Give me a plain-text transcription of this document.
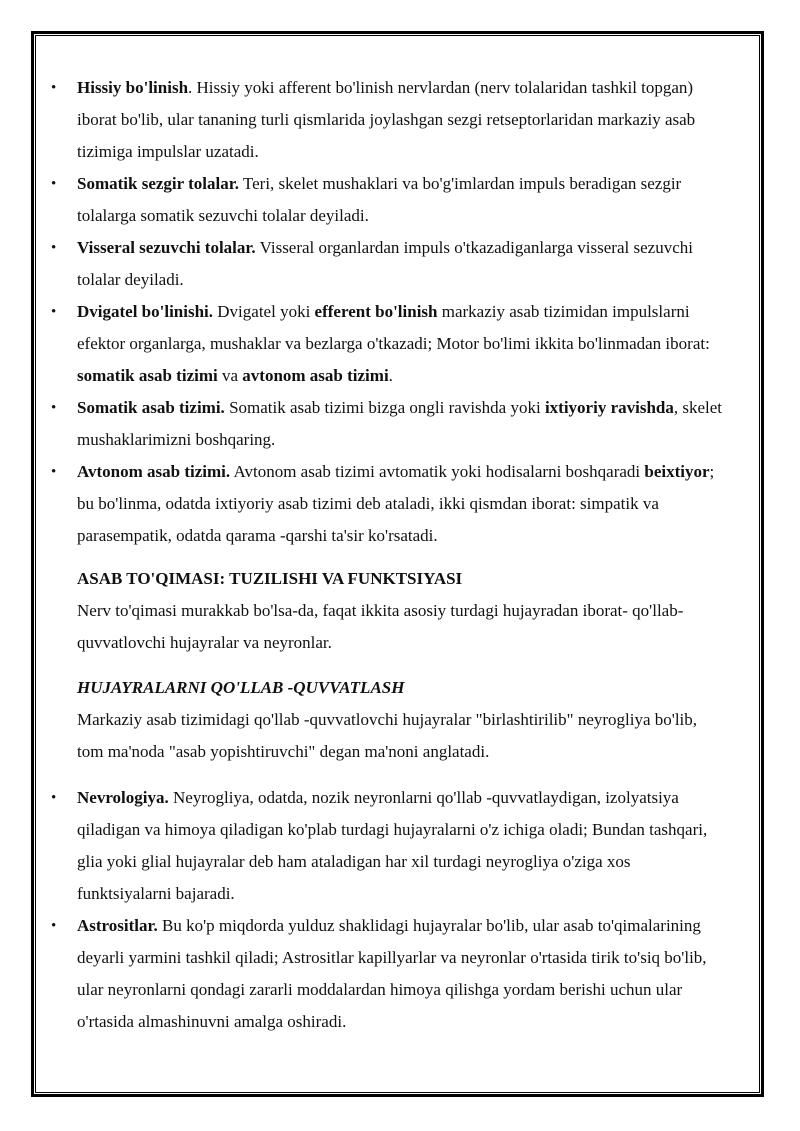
• Hissiy bo'linish. Hissiy yoki afferent bo'linish nervlardan (nerv tolalaridan tashkil topgan) iborat bo'lib, ular tananing turli qismlarida joylashgan sezgi retseptorlaridan markaziy asab tizimiga impulslar uzatadi.
• Somatik sezgir tolalar. Teri, skelet mushaklari va bo'g'imlardan impuls beradigan sezgir tolalarga somatik sezuvchi tolalar deyiladi.
• Visseral sezuvchi tolalar. Visseral organlardan impuls o'tkazadiganlarga visseral sezuvchi tolalar deyiladi.
• Dvigatel bo'linishi. Dvigatel yoki efferent bo'linish markaziy asab tizimidan impulslarni efektor organlarga, mushaklar va bezlarga o'tkazadi; Motor bo'limi ikkita bo'linmadan iborat: somatik asab tizimi va avtonom asab tizimi.
• Somatik asab tizimi. Somatik asab tizimi bizga ongli ravishda yoki ixtiyoriy ravishda, skelet mushaklarimizni boshqaring.
• Avtonom asab tizimi. Avtonom asab tizimi avtomatik yoki hodisalarni boshqaradi beixtiyor; bu bo'linma, odatda ixtiyoriy asab tizimi deb ataladi, ikki qismdan iborat: simpatik va parasempatik, odatda qarama -qarshi ta'sir ko'rsatadi.
ASAB TO'QIMASI: TUZILISHI VA FUNKTSIYASI
Nerv to'qimasi murakkab bo'lsa-da, faqat ikkita asosiy turdagi hujayradan iborat- qo'llab-quvvatlovchi hujayralar va neyronlar.
HUJAYRALARNI QO'LLAB -QUVVATLASH
Markaziy asab tizimidagi qo'llab -quvvatlovchi hujayralar "birlashtirilib" neyrogliya bo'lib, tom ma'noda "asab yopishtiruvchi" degan ma'noni anglatadi.
• Nevrologiya. Neyrogliya, odatda, nozik neyronlarni qo'llab -quvvatlaydigan, izolyatsiya qiladigan va himoya qiladigan ko'plab turdagi hujayralarni o'z ichiga oladi; Bundan tashqari, glia yoki glial hujayralar deb ham ataladigan har xil turdagi neyrogliya o'ziga xos funktsiyalarni bajaradi.
• Astrositlar. Bu ko'p miqdorda yulduz shaklidagi hujayralar bo'lib, ular asab to'qimalarining deyarli yarmini tashkil qiladi; Astrositlar kapillyarlar va neyronlar o'rtasida tirik to'siq bo'lib, ular neyronlarni qondagi zararli moddalardan himoya qilishga yordam berishi uchun ular o'rtasida almashinuvni amalga oshiradi.
